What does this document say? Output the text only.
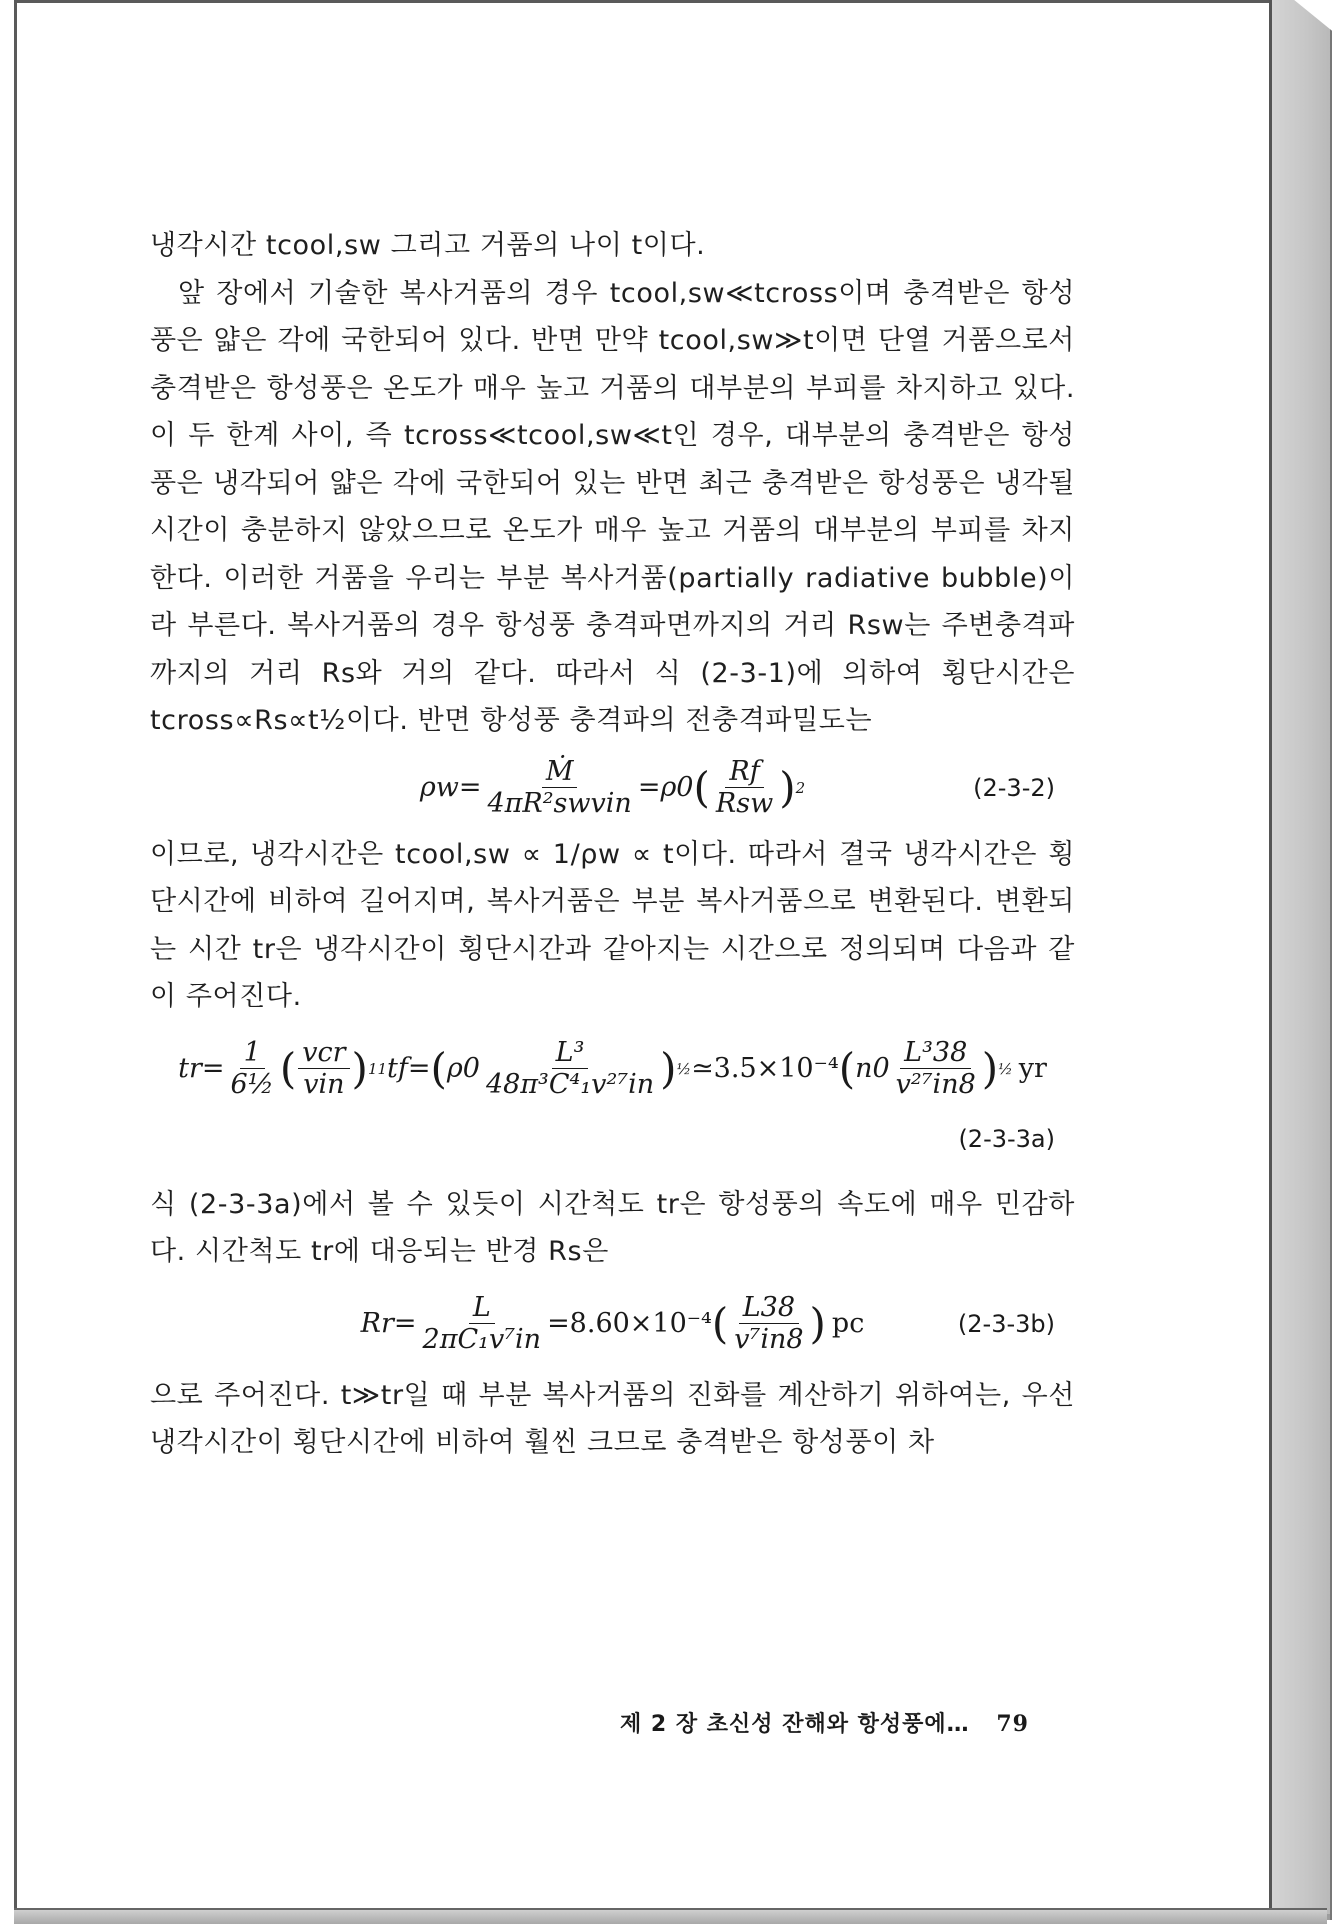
냉각시간 tcool,sw 그리고 거품의 나이 t이다.

앞 장에서 기술한 복사거품의 경우 tcool,sw≪tcross이며 충격받은 항성풍은 얇은 각에 국한되어 있다. 반면 만약 tcool,sw≫t이면 단열 거품으로서 충격받은 항성풍은 온도가 매우 높고 거품의 대부분의 부피를 차지하고 있다. 이 두 한계 사이, 즉 tcross≪tcool,sw≪t인 경우, 대부분의 충격받은 항성풍은 냉각되어 얇은 각에 국한되어 있는 반면 최근 충격받은 항성풍은 냉각될 시간이 충분하지 않았으므로 온도가 매우 높고 거품의 대부분의 부피를 차지한다. 이러한 거품을 우리는 부분 복사거품(partially radiative bubble)이라 부른다. 복사거품의 경우 항성풍 충격파면까지의 거리 Rsw는 주변충격파까지의 거리 Rs와 거의 같다. 따라서 식 (2-3-1)에 의하여 횡단시간은 tcross∝Rs∝t½이다. 반면 항성풍 충격파의 전충격파밀도는

$\rho w = \frac{\text{Ṁ}}{\text{4πR²swvin}} = \rho 0$ ( $\frac{Rf}{\text{Rsw}}$ ) 2	(2-3-2)

이므로, 냉각시간은 tcool,sw ∝ 1/ρw ∝ t이다. 따라서 결국 냉각시간은 횡단시간에 비하여 길어지며, 복사거품은 부분 복사거품으로 변환된다. 변환되는 시간 tr은 냉각시간이 횡단시간과 같아지는 시간으로 정의되며 다음과 같이 주어진다.

tr = $\frac{1}{\text{6½}}$ ( $\frac{\text{vcr}}{\text{vin}}$ ) 11 tf = ( $\rho 0 \frac{\text{L³}}{\text{48π³C⁴₁v²⁷in}}$ ) ½ ≃3.5×10⁻⁴ ( $n0 \frac{\text{L³38}}{\text{v²⁷in8}}$ ) ½ yr
(2-3-3a)

식 (2-3-3a)에서 볼 수 있듯이 시간척도 tr은 항성풍의 속도에 매우 민감하다. 시간척도 tr에 대응되는 반경 Rs은

$Rr = \frac{L}{\text{2πC₁v⁷in}} =8.60\times 10^{-4}$ ( $\frac{L38}{\text{v⁷in8}}$ ) pc	(2-3-3b)

으로 주어진다. t≫tr일 때 부분 복사거품의 진화를 계산하기 위하여는, 우선 냉각시간이 횡단시간에 비하여 훨씬 크므로 충격받은 항성풍이 차

제 2 장 초신성 잔해와 항성풍에… 79
